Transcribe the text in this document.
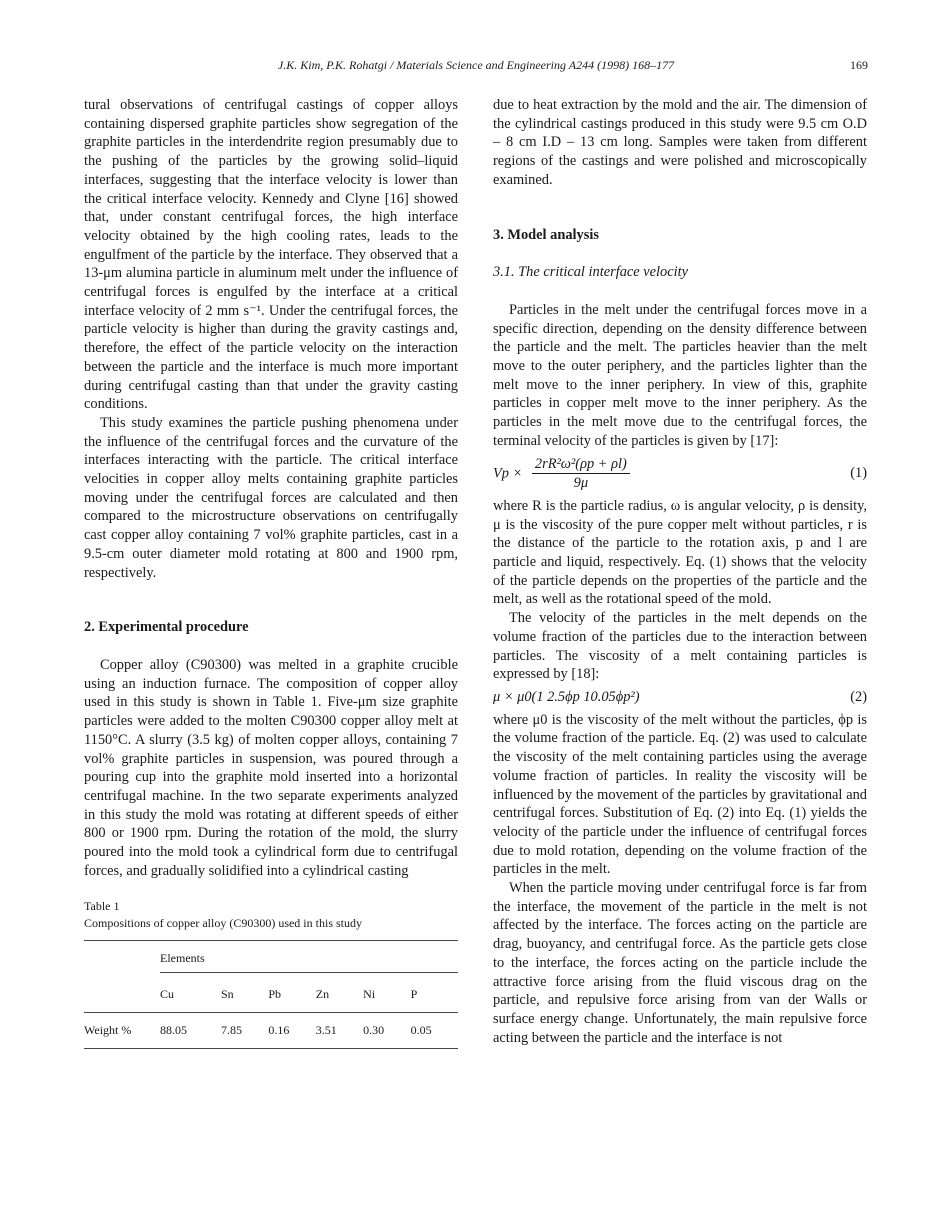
J.K. Kim, P.K. Rohatgi / Materials Science and Engineering A244 (1998) 168–177	169

tural observations of centrifugal castings of copper alloys containing dispersed graphite particles show segregation of the graphite particles in the interdendrite region presumably due to the pushing of the particles by the growing solid–liquid interfaces, suggesting that the interface velocity is lower than the critical interface velocity. Kennedy and Clyne [16] showed that, under constant centrifugal forces, the high interface velocity obtained by the high cooling rates, leads to the engulfment of the particle by the interface. They observed that a 13-μm alumina particle in aluminum melt under the influence of centrifugal forces is engulfed by the interface at a critical interface velocity of 2 mm s⁻¹. Under the centrifugal forces, the particle velocity is higher than during the gravity castings and, therefore, the effect of the particle velocity on the interaction between the particle and the interface is much more important during centrifugal casting than that under the gravity casting conditions.

This study examines the particle pushing phenomena under the influence of the centrifugal forces and the curvature of the interfaces interacting with the particle. The critical interface velocities in copper alloy melts containing graphite particles moving under the centrifugal forces are calculated and then compared to the microstructure observations on centrifugally cast copper alloy containing 7 vol% graphite particles, cast in a 9.5-cm outer diameter mold rotating at 800 and 1900 rpm, respectively.

2. Experimental procedure

Copper alloy (C90300) was melted in a graphite crucible using an induction furnace. The composition of copper alloy used in this study is shown in Table 1. Five-μm size graphite particles were added to the molten C90300 copper alloy melt at 1150°C. A slurry (3.5 kg) of molten copper alloys, containing 7 vol% graphite particles in suspension, was poured through a pouring cup into the graphite mold inserted into a horizontal centrifugal machine. In the two separate experiments analyzed in this study the mold was rotating at different speeds of either 800 or 1900 rpm. During the rotation of the mold, the slurry poured into the mold took a cylindrical form due to centrifugal forces, and gradually solidified into a cylindrical casting

Table 1
Compositions of copper alloy (C90300) used in this study
	Elements					
	Cu	Sn	Pb	Zn	Ni	P
Weight %	88.05	7.85	0.16	3.51	0.30	0.05

due to heat extraction by the mold and the air. The dimension of the cylindrical castings produced in this study were 9.5 cm O.D – 8 cm I.D – 13 cm long. Samples were taken from different regions of the castings and were polished and microscopically examined.

3. Model analysis
3.1. The critical interface velocity

Particles in the melt under the centrifugal forces move in a specific direction, depending on the density difference between the particle and the melt. The particles heavier than the melt move to the outer periphery, and the particles lighter than the melt move to the inner periphery. In view of this, graphite particles in copper melt move to the inner periphery. As the particles in the melt move due to the centrifugal forces, the terminal velocity of the particles is given by [17]:

$Vp \times \frac{\text{2rR²ω²(ρp + ρl)}}{9\mu}$	(1)

where R is the particle radius, ω is angular velocity, ρ is density, μ is the viscosity of the pure copper melt without particles, r is the distance of the particle to the rotation axis, p and l are particle and liquid, respectively. Eq. (1) shows that the velocity of the particle depends on the properties of the particle and the melt, as well as the rotational speed of the mold.

The velocity of the particles in the melt depends on the volume fraction of the particles due to the interaction between particles. The viscosity of a melt containing particles is expressed by [18]:

μ × μ0(1 2.5ϕp 10.05ϕp²)	(2)

where μ0 is the viscosity of the melt without the particles, ϕp is the volume fraction of the particle. Eq. (2) was used to calculate the viscosity of the melt containing particles using the average volume fraction of particles. In reality the viscosity will be influenced by the movement of the particles by gravitational and centrifugal forces. Substitution of Eq. (2) into Eq. (1) yields the velocity of the particle under the influence of centrifugal forces due to mold rotation, depending on the volume fraction of the particles in the melt.

When the particle moving under centrifugal force is far from the interface, the movement of the particle in the melt is not affected by the interface. The forces acting on the particle are drag, buoyancy, and centrifugal force. As the particle gets close to the interface, the forces acting on the particle include the attractive force arising from the fluid viscous drag on the particle, and repulsive force arising from van der Walls or surface energy change. Unfortunately, the main repulsive force acting between the particle and the interface is not
